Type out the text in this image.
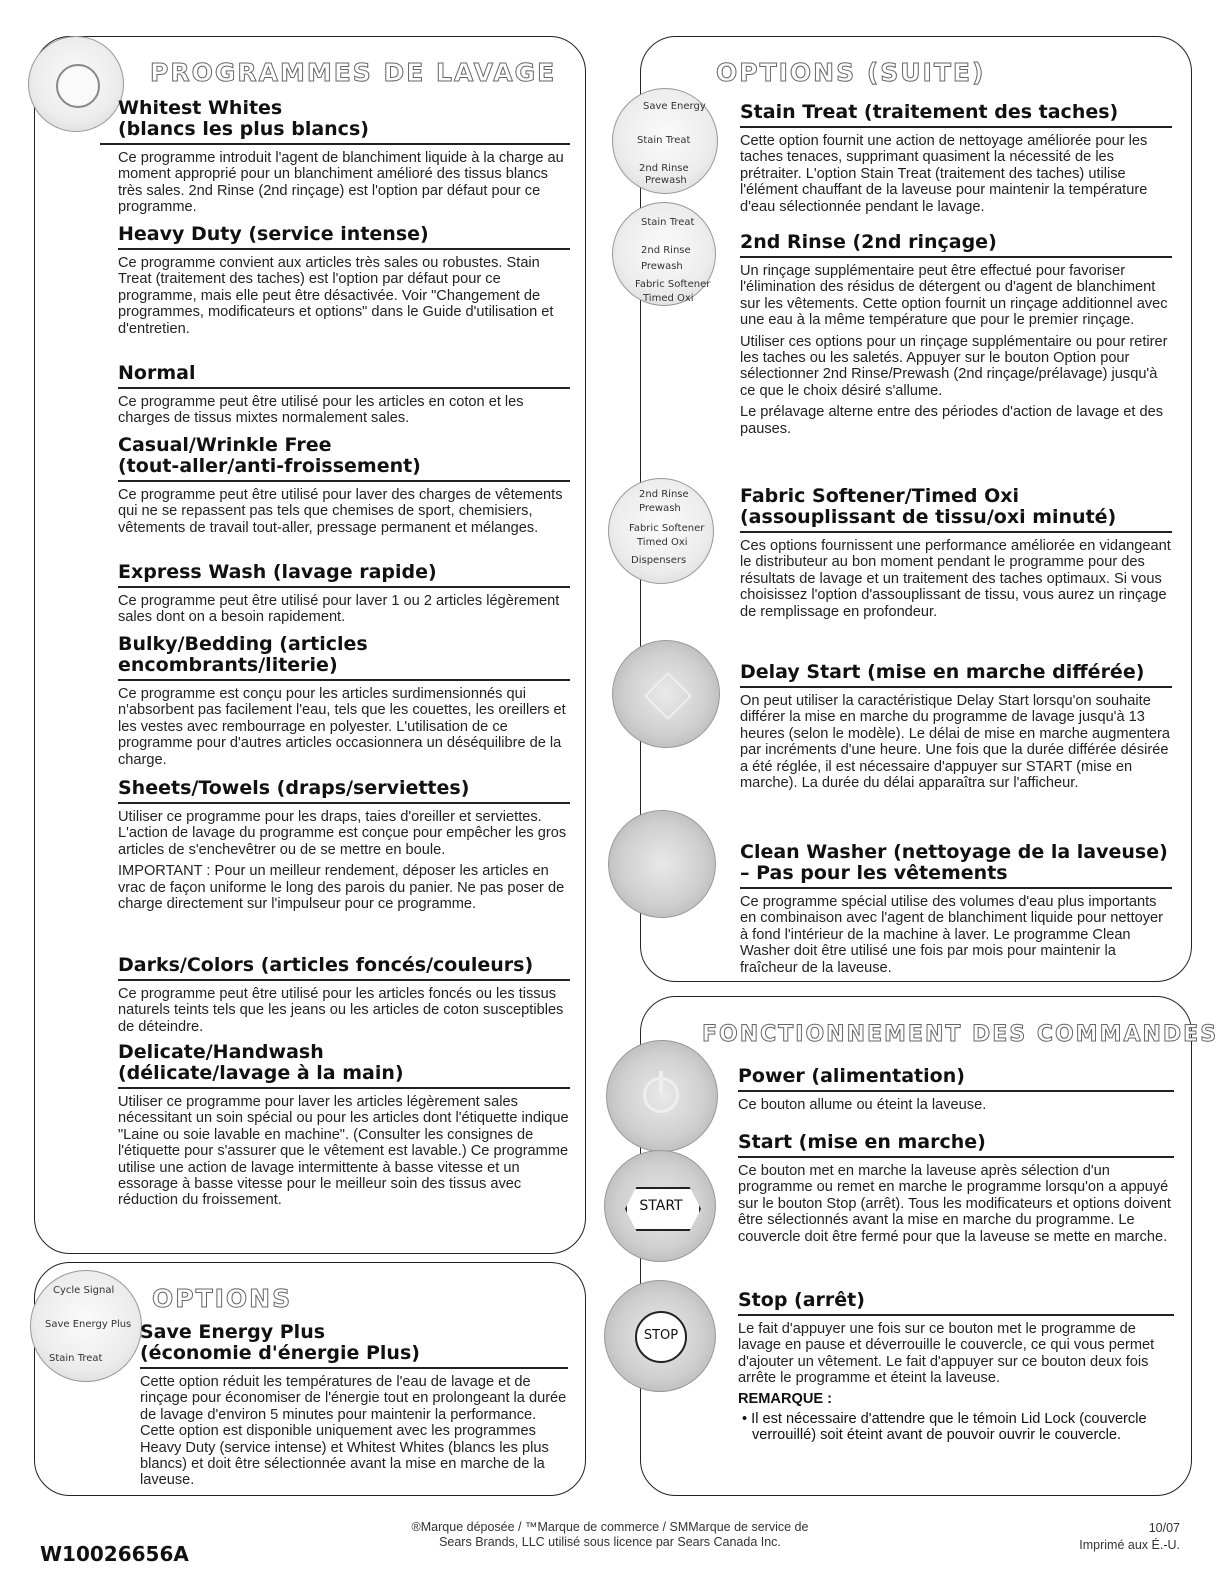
PROGRAMMES DE LAVAGE
Whitest Whites
(blancs les plus blancs)

Ce programme introduit l'agent de blanchiment liquide à la charge au moment approprié pour un blanchiment amélioré des tissus blancs très sales. 2nd Rinse (2nd rinçage) est l'option par défaut pour ce programme.

Heavy Duty (service intense)

Ce programme convient aux articles très sales ou robustes. Stain Treat (traitement des taches) est l'option par défaut pour ce programme, mais elle peut être désactivée. Voir "Changement de programmes, modificateurs et options" dans le Guide d'utilisation et d'entretien.

Normal

Ce programme peut être utilisé pour les articles en coton et les charges de tissus mixtes normalement sales.

Casual/Wrinkle Free
(tout-aller/anti-froissement)

Ce programme peut être utilisé pour laver des charges de vêtements qui ne se repassent pas tels que chemises de sport, chemisiers, vêtements de travail tout-aller, pressage permanent et mélanges.

Express Wash (lavage rapide)

Ce programme peut être utilisé pour laver 1 ou 2 articles légèrement sales dont on a besoin rapidement.

Bulky/Bedding (articles
encombrants/literie)

Ce programme est conçu pour les articles surdimensionnés qui n'absorbent pas facilement l'eau, tels que les couettes, les oreillers et les vestes avec rembourrage en polyester. L'utilisation de ce programme pour d'autres articles occasionnera un déséquilibre de la charge.

Sheets/Towels (draps/serviettes)

Utiliser ce programme pour les draps, taies d'oreiller et serviettes. L'action de lavage du programme est conçue pour empêcher les gros articles de s'enchevêtrer ou de se mettre en boule.

IMPORTANT : Pour un meilleur rendement, déposer les articles en vrac de façon uniforme le long des parois du panier. Ne pas poser de charge directement sur l'impulseur pour ce programme.

Darks/Colors (articles foncés/couleurs)

Ce programme peut être utilisé pour les articles foncés ou les tissus naturels teints tels que les jeans ou les articles de coton susceptibles de déteindre.

Delicate/Handwash
(délicate/lavage à la main)

Utiliser ce programme pour laver les articles légèrement sales nécessitant un soin spécial ou pour les articles dont l'étiquette indique "Laine ou soie lavable en machine". (Consulter les consignes de l'étiquette pour s'assurer que le vêtement est lavable.) Ce programme utilise une action de lavage intermittente à basse vitesse et un essorage à basse vitesse pour le meilleur soin des tissus avec réduction du froissement.

Cycle Signal
Save Energy Plus
Stain Treat
OPTIONS
Save Energy Plus
(économie d'énergie Plus)

Cette option réduit les températures de l'eau de lavage et de rinçage pour économiser de l'énergie tout en prolongeant la durée de lavage d'environ 5 minutes pour maintenir la performance. Cette option est disponible uniquement avec les programmes Heavy Duty (service intense) et Whitest Whites (blancs les plus blancs) et doit être sélectionnée avant la mise en marche de la laveuse.

OPTIONS (SUITE)
Save Energy
Stain Treat
2nd Rinse
Prewash
Stain Treat
2nd Rinse
Prewash
Fabric Softener
Timed Oxi
2nd Rinse
Prewash
Fabric Softener
Timed Oxi
Dispensers
Stain Treat (traitement des taches)

Cette option fournit une action de nettoyage améliorée pour les taches tenaces, supprimant quasiment la nécessité de les prétraiter. L'option Stain Treat (traitement des taches) utilise l'élément chauffant de la laveuse pour maintenir la température d'eau sélectionnée pendant le lavage.

2nd Rinse (2nd rinçage)

Un rinçage supplémentaire peut être effectué pour favoriser l'élimination des résidus de détergent ou d'agent de blanchiment sur les vêtements. Cette option fournit un rinçage additionnel avec une eau à la même température que pour le premier rinçage.

Utiliser ces options pour un rinçage supplémentaire ou pour retirer les taches ou les saletés. Appuyer sur le bouton Option pour sélectionner 2nd Rinse/Prewash (2nd rinçage/prélavage) jusqu'à ce que le choix désiré s'allume.

Le prélavage alterne entre des périodes d'action de lavage et des pauses.

Fabric Softener/Timed Oxi (assouplissant de tissu/oxi minuté)

Ces options fournissent une performance améliorée en vidangeant le distributeur au bon moment pendant le programme pour des résultats de lavage et un traitement des taches optimaux. Si vous choisissez l'option d'assouplissant de tissu, vous aurez un rinçage de remplissage en profondeur.

Delay Start (mise en marche différée)

On peut utiliser la caractéristique Delay Start lorsqu'on souhaite différer la mise en marche du programme de lavage jusqu'à 13 heures (selon le modèle). Le délai de mise en marche augmentera par incréments d'une heure. Une fois que la durée différée désirée a été réglée, il est nécessaire d'appuyer sur START (mise en marche). La durée du délai apparaîtra sur l'afficheur.

Clean Washer (nettoyage de la laveuse) – Pas pour les vêtements

Ce programme spécial utilise des volumes d'eau plus importants en combinaison avec l'agent de blanchiment liquide pour nettoyer à fond l'intérieur de la machine à laver. Le programme Clean Washer doit être utilisé une fois par mois pour maintenir la fraîcheur de la laveuse.

FONCTIONNEMENT DES COMMANDES
START
STOP
Power (alimentation)

Ce bouton allume ou éteint la laveuse.

Start (mise en marche)

Ce bouton met en marche la laveuse après sélection d'un programme ou remet en marche le programme lorsqu'on a appuyé sur le bouton Stop (arrêt). Tous les modificateurs et options doivent être sélectionnés avant la mise en marche du programme. Le couvercle doit être fermé pour que la laveuse se mette en marche.

Stop (arrêt)

Le fait d'appuyer une fois sur ce bouton met le programme de lavage en pause et déverrouille le couvercle, ce qui vous permet d'ajouter un vêtement. Le fait d'appuyer sur ce bouton deux fois arrête le programme et éteint la laveuse.

REMARQUE :

• Il est nécessaire d'attendre que le témoin Lid Lock (couvercle verrouillé) soit éteint avant de pouvoir ouvrir le couvercle.

W10026656A
®Marque déposée / ™Marque de commerce / SMMarque de service de
Sears Brands, LLC utilisé sous licence par Sears Canada Inc.
10/07
Imprimé aux É.-U.
